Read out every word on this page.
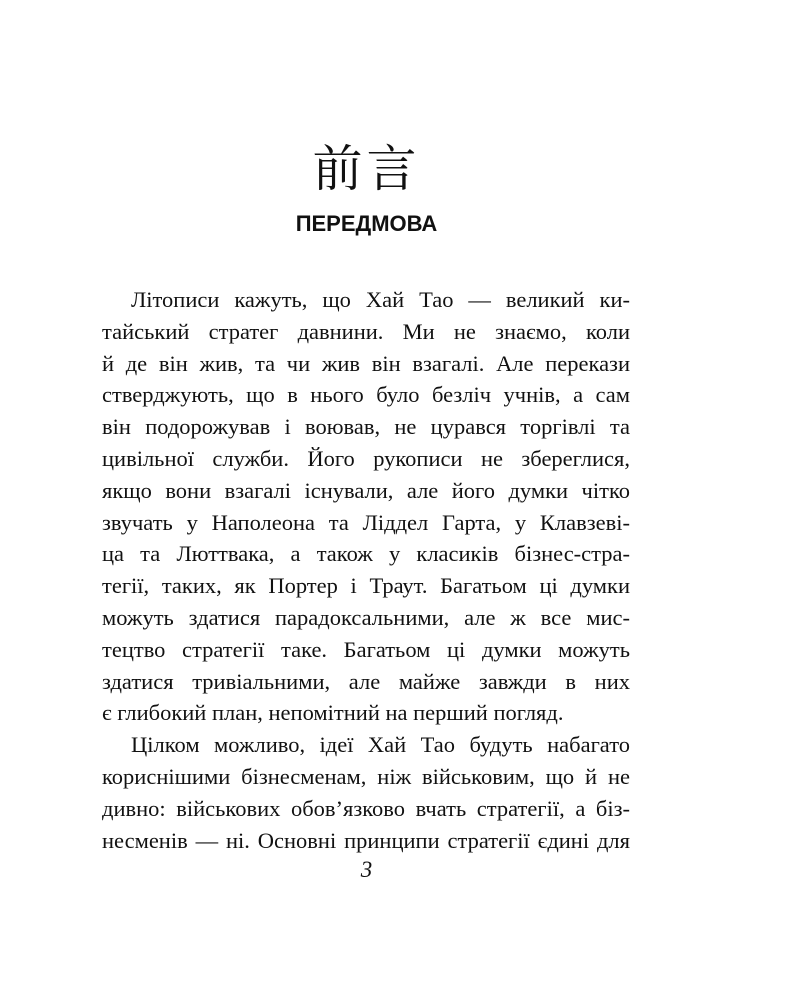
前言
ПЕРЕДМОВА
Літописи кажуть, що Хай Тао — великий ки-
тайський стратег давнини. Ми не знаємо, коли
й де він жив, та чи жив він взагалі. Але перекази
стверджують, що в нього було безліч учнів, а сам
він подорожував і воював, не цурався торгівлі та
цивільної служби. Його рукописи не збереглися,
якщо вони взагалі існували, але його думки чітко
звучать у Наполеона та Ліддел Гарта, у Клавзеві-
ца та Люттвака, а також у класиків бізнес-стра-
тегії, таких, як Портер і Траут. Багатьом ці думки
можуть здатися парадоксальними, але ж все мис-
тецтво стратегії таке. Багатьом ці думки можуть
здатися тривіальними, але майже завжди в них
є глибокий план, непомітний на перший погляд.
Цілком можливо, ідеї Хай Тао будуть набагато
кориснішими бізнесменам, ніж військовим, що й не
дивно: військових обов’язково вчать стратегії, а біз-
несменів — ні. Основні принципи стратегії єдині для
3
